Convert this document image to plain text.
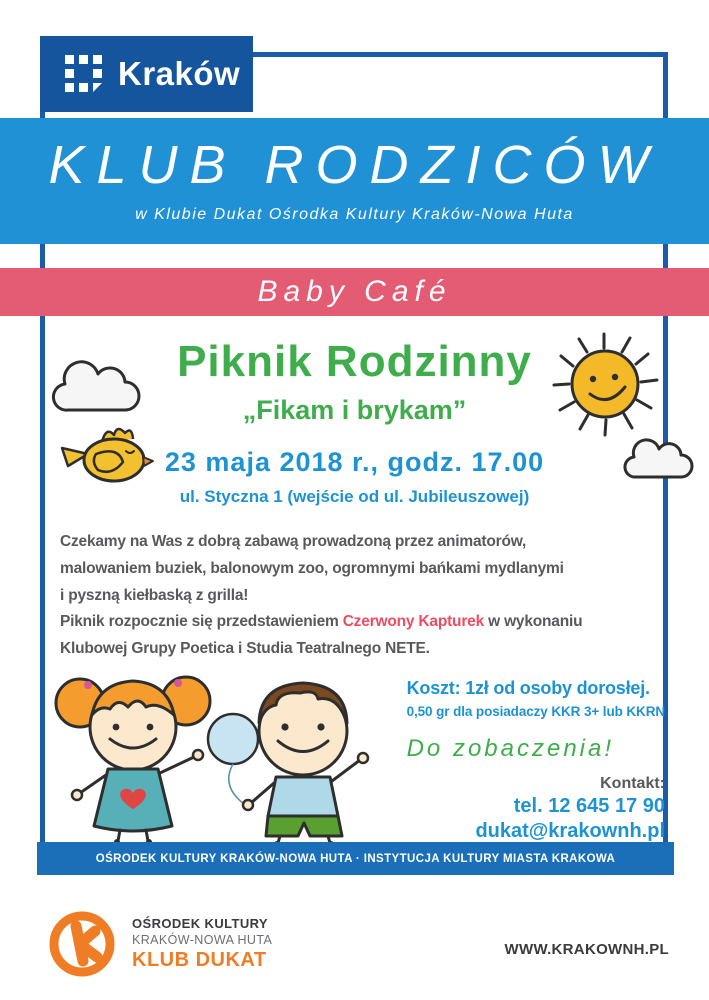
Kraków
KLUB RODZICÓW
w Klubie Dukat Ośrodka Kultury Kraków-Nowa Huta
Baby Café
Piknik Rodzinny
„Fikam i brykam”
23 maja 2018 r., godz. 17.00
ul. Styczna 1 (wejście od ul. Jubileuszowej)
Czekamy na Was z dobrą zabawą prowadzoną przez animatorów,
malowaniem buziek, balonowym zoo, ogromnymi bańkami mydlanymi
i pyszną kiełbaską z grilla!
Piknik rozpocznie się przedstawieniem Czerwony Kapturek w wykonaniu
Klubowej Grupy Poetica i Studia Teatralnego NETE.
Koszt: 1zł od osoby dorosłej.
0,50 gr dla posiadaczy KKR 3+ lub KKRN
Do zobaczenia!
Kontakt:
tel. 12 645 17 90
dukat@krakownh.pl
OŚRODEK KULTURY KRAKÓW-NOWA HUTA · INSTYTUCJA KULTURY MIASTA KRAKOWA
OŚRODEK KULTURY
KRAKÓW-NOWA HUTA
KLUB DUKAT	WWW.KRAKOWNH.PL
